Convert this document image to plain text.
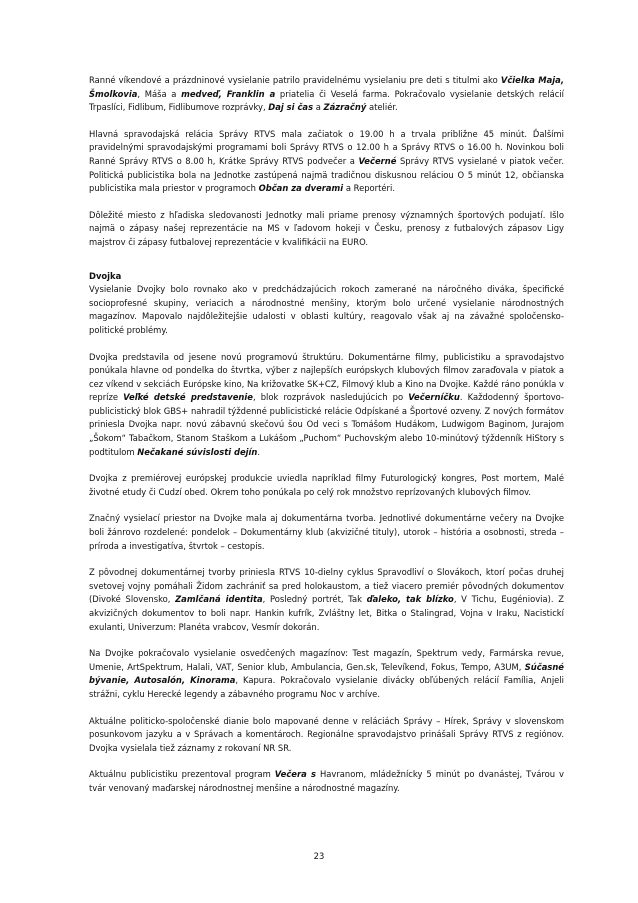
Ranné víkendové a prázdninové vysielanie patrilo pravidelnému vysielaniu pre deti s titulmi ako Včielka Maja, Šmolkovia, Máša a medveď, Franklin a priatelia či Veselá farma. Pokračovalo vysielanie detských relácií Trpaslíci, Fidlibum, Fidlibumove rozprávky, Daj si čas a Zázračný ateliér.

Hlavná spravodajská relácia Správy RTVS mala začiatok o 19.00 h a trvala približne 45 minút. Ďalšími pravidelnými spravodajskými programami boli Správy RTVS o 12.00 h a Správy RTVS o 16.00 h. Novinkou boli Ranné Správy RTVS o 8.00 h, Krátke Správy RTVS podvečer a Večerné Správy RTVS vysielané v piatok večer. Politická publicistika bola na Jednotke zastúpená najmä tradičnou diskusnou reláciou O 5 minút 12, občianska publicistika mala priestor v programoch Občan za dverami a Reportéri.

Dôležité miesto z hľadiska sledovanosti Jednotky mali priame prenosy významných športových podujatí. Išlo najmä o zápasy našej reprezentácie na MS v ľadovom hokeji v Česku, prenosy z futbalových zápasov Ligy majstrov či zápasy futbalovej reprezentácie v kvalifikácii na EURO.

Dvojka

Vysielanie Dvojky bolo rovnako ako v predchádzajúcich rokoch zamerané na náročného diváka, špecifické socioprofesné skupiny, veriacich a národnostné menšiny, ktorým bolo určené vysielanie národnostných magazínov. Mapovalo najdôležitejšie udalosti v oblasti kultúry, reagovalo však aj na závažné spoločensko-politické problémy.

Dvojka predstavila od jesene novú programovú štruktúru. Dokumentárne filmy, publicistiku a spravodajstvo ponúkala hlavne od pondelka do štvrtka, výber z najlepších európskych klubových filmov zaraďovala v piatok a cez víkend v sekciách Európske kino, Na križovatke SK+CZ, Filmový klub a Kino na Dvojke. Každé ráno ponúkla v repríze Veľké detské predstavenie, blok rozprávok nasledujúcich po Večerníčku. Každodenný športovo-publicistický blok GBS+ nahradil týždenné publicistické relácie Odpískané a Športové ozveny. Z nových formátov priniesla Dvojka napr. novú zábavnú skečovú šou Od veci s Tomášom Hudákom, Ludwigom Baginom, Jurajom „Šokom“ Tabačkom, Stanom Staškom a Lukášom „Puchom“ Puchovským alebo 10-minútový týždenník HiStory s podtitulom Nečakané súvislosti dejín.

Dvojka z premiérovej európskej produkcie uviedla napríklad filmy Futurologický kongres, Post mortem, Malé životné etudy či Cudzí obed. Okrem toho ponúkala po celý rok množstvo reprízovaných klubových filmov.

Značný vysielací priestor na Dvojke mala aj dokumentárna tvorba. Jednotlivé dokumentárne večery na Dvojke boli žánrovo rozdelené: pondelok – Dokumentárny klub (akvizičné tituly), utorok – história a osobnosti, streda – príroda a investigatíva, štvrtok – cestopis.

Z pôvodnej dokumentárnej tvorby priniesla RTVS 10-dielny cyklus Spravodliví o Slovákoch, ktorí počas druhej svetovej vojny pomáhali Židom zachrániť sa pred holokaustom, a tiež viacero premiér pôvodných dokumentov (Divoké Slovensko, Zamlčaná identita, Posledný portrét, Tak ďaleko, tak blízko, V Tichu, Eugéniovia). Z akvizičných dokumentov to boli napr. Hankin kufrík, Zvláštny let, Bitka o Stalingrad, Vojna v Iraku, Nacistickí exulanti, Univerzum: Planéta vrabcov, Vesmír dokorán.

Na Dvojke pokračovalo vysielanie osvedčených magazínov: Test magazín, Spektrum vedy, Farmárska revue, Umenie, ArtSpektrum, Halali, VAT, Senior klub, Ambulancia, Gen.sk, Televíkend, Fokus, Tempo, A3UM, Súčasné bývanie, Autosalón, Kinorama, Kapura. Pokračovalo vysielanie divácky obľúbených relácií Família, Anjeli strážni, cyklu Herecké legendy a zábavného programu Noc v archíve.

Aktuálne politicko-spoločenské dianie bolo mapované denne v reláciách Správy – Hírek, Správy v slovenskom posunkovom jazyku a v Správach a komentároch. Regionálne spravodajstvo prinášali Správy RTVS z regiónov. Dvojka vysielala tiež záznamy z rokovaní NR SR.

Aktuálnu publicistiku prezentoval program Večera s Havranom, mládežnícky 5 minút po dvanástej, Tvárou v tvár venovaný maďarskej národnostnej menšine a národnostné magazíny.

23
